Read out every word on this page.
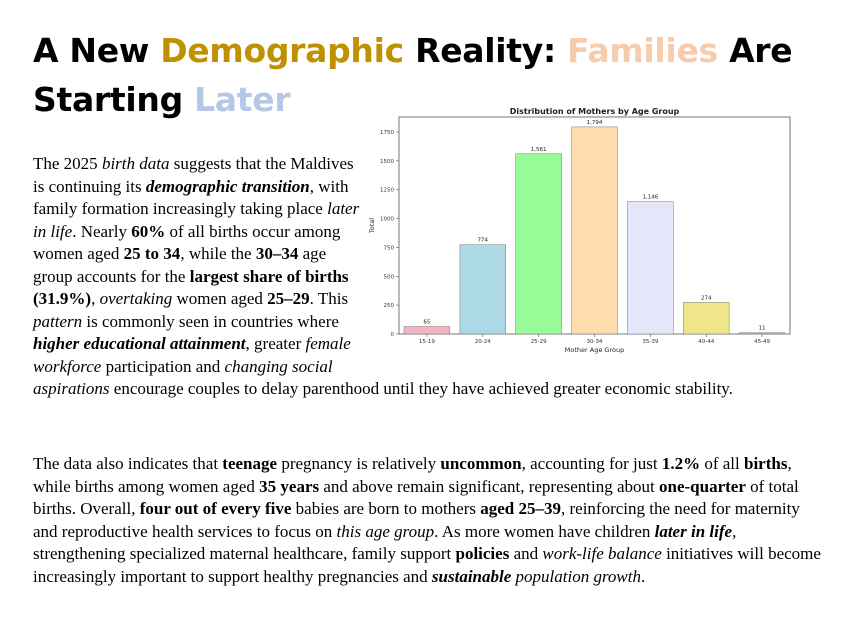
A New Demographic Reality: Families Are Starting Later
The 2025 birth data suggests that the Maldives is continuing its demographic transition, with family formation increasingly taking place later in life. Nearly 60% of all births occur among women aged 25 to 34, while the 30–34 age group accounts for the largest share of births (31.9%), overtaking women aged 25–29. This pattern is commonly seen in countries where higher educational attainment, greater female workforce participation and changing social aspirations encourage couples to delay parenthood until they have achieved greater economic stability.
Distribution of Mothers by Age Group
0
250
500
750
1000
1250
1500
1750
65
15-19
774
20-24
1,561
25-29
1,794
30-34
1,146
35-39
274
40-44
11
45-49
Mother Age Group
Total
The data also indicates that teenage pregnancy is relatively uncommon, accounting for just 1.2% of all births, while births among women aged 35 years and above remain significant, representing about one-quarter of total births. Overall, four out of every five babies are born to mothers aged 25–39, reinforcing the need for maternity and reproductive health services to focus on this age group. As more women have children later in life, strengthening specialized maternal healthcare, family support policies and work-life balance initiatives will become increasingly important to support healthy pregnancies and sustainable population growth.
